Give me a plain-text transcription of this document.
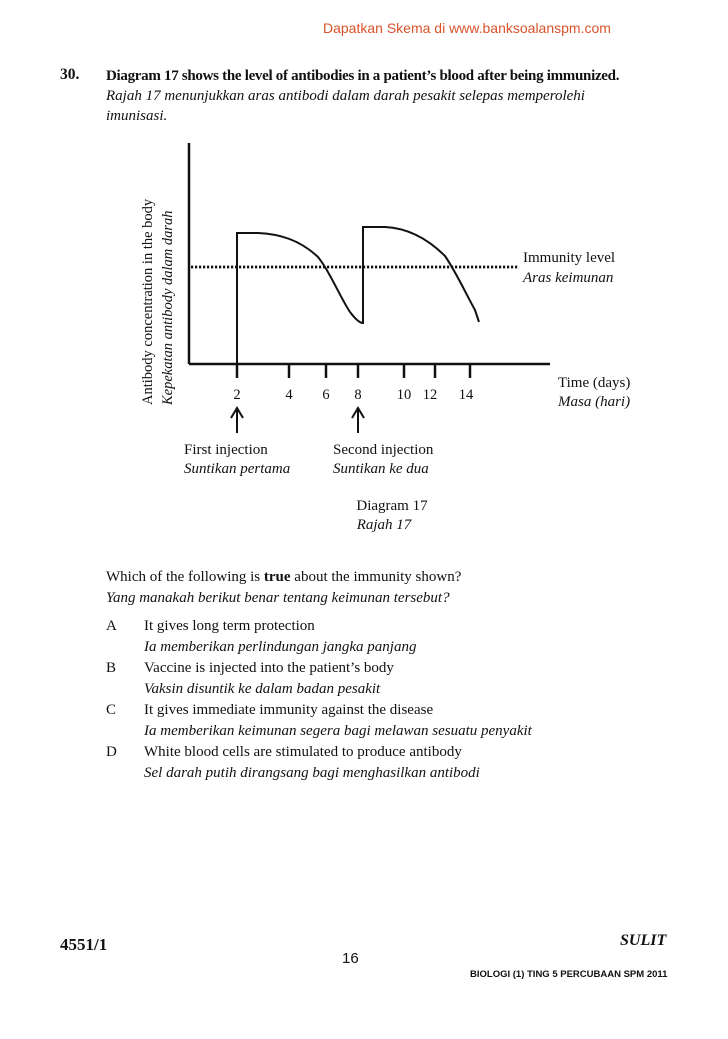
Dapatkan Skema di www.banksoalanspm.com
30. Diagram 17 shows the level of antibodies in a patient’s blood after being immunized.
Rajah 17 menunjukkan aras antibodi dalam darah pesakit selepas memperolehi
imunisasi.
Antibody concentration in the body Kepekatan antibody dalam darah	2	4 6 8 10 12 14
Time (days)
Masa (hari)
Immunity level
Aras keimunan
First injection
Suntikan pertama
Second injection
Suntikan ke dua
Diagram 17
Rajah 17
Which of the following is true about the immunity shown?
Yang manakah berikut benar tentang keimunan tersebut?
A	It gives long term protection
Ia memberikan perlindungan jangka panjang
B	Vaccine is injected into the patient’s body
Vaksin disuntik ke dalam badan pesakit
C	It gives immediate immunity against the disease
Ia memberikan keimunan segera bagi melawan sesuatu penyakit
D	White blood cells are stimulated to produce antibody
Sel darah putih dirangsang bagi menghasilkan antibodi
4551/1
16
SULIT
BIOLOGI (1) TING 5 PERCUBAAN SPM 2011
